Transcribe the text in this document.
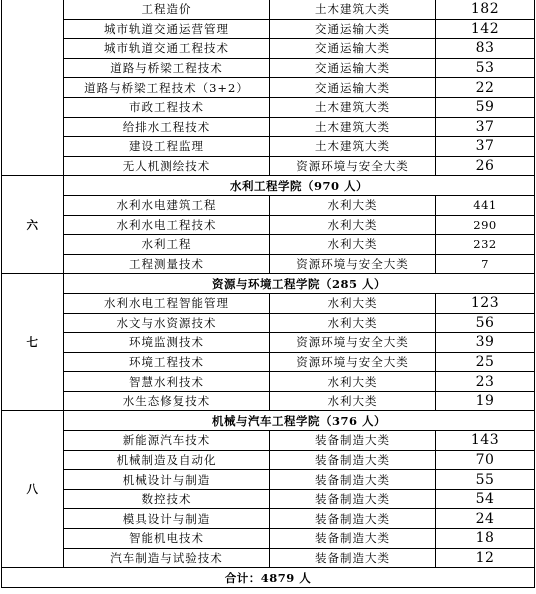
	工程造价	土木建筑大类	182
	城市轨道交通运营管理	交通运输大类	142
	城市轨道交通工程技术	交通运输大类	83
	道路与桥梁工程技术	交通运输大类	53
	道路与桥梁工程技术（3+2）	交通运输大类	22
	市政工程技术	土木建筑大类	59
	给排水工程技术	土木建筑大类	37
	建设工程监理	土木建筑大类	37
	无人机测绘技术	资源环境与安全大类	26
六	水利工程学院（970 人）		
	水利水电建筑工程	水利大类	441
	水利水电工程技术	水利大类	290
	水利工程	水利大类	232
	工程测量技术	资源环境与安全大类	7
七	资源与环境工程学院（285 人）		
	水利水电工程智能管理	水利大类	123
	水文与水资源技术	水利大类	56
	环境监测技术	资源环境与安全大类	39
	环境工程技术	资源环境与安全大类	25
	智慧水利技术	水利大类	23
	水生态修复技术	水利大类	19
八	机械与汽车工程学院（376 人）		
	新能源汽车技术	装备制造大类	143
	机械制造及自动化	装备制造大类	70
	机械设计与制造	装备制造大类	55
	数控技术	装备制造大类	54
	模具设计与制造	装备制造大类	24
	智能机电技术	装备制造大类	18
	汽车制造与试验技术	装备制造大类	12
合计：4879 人			
